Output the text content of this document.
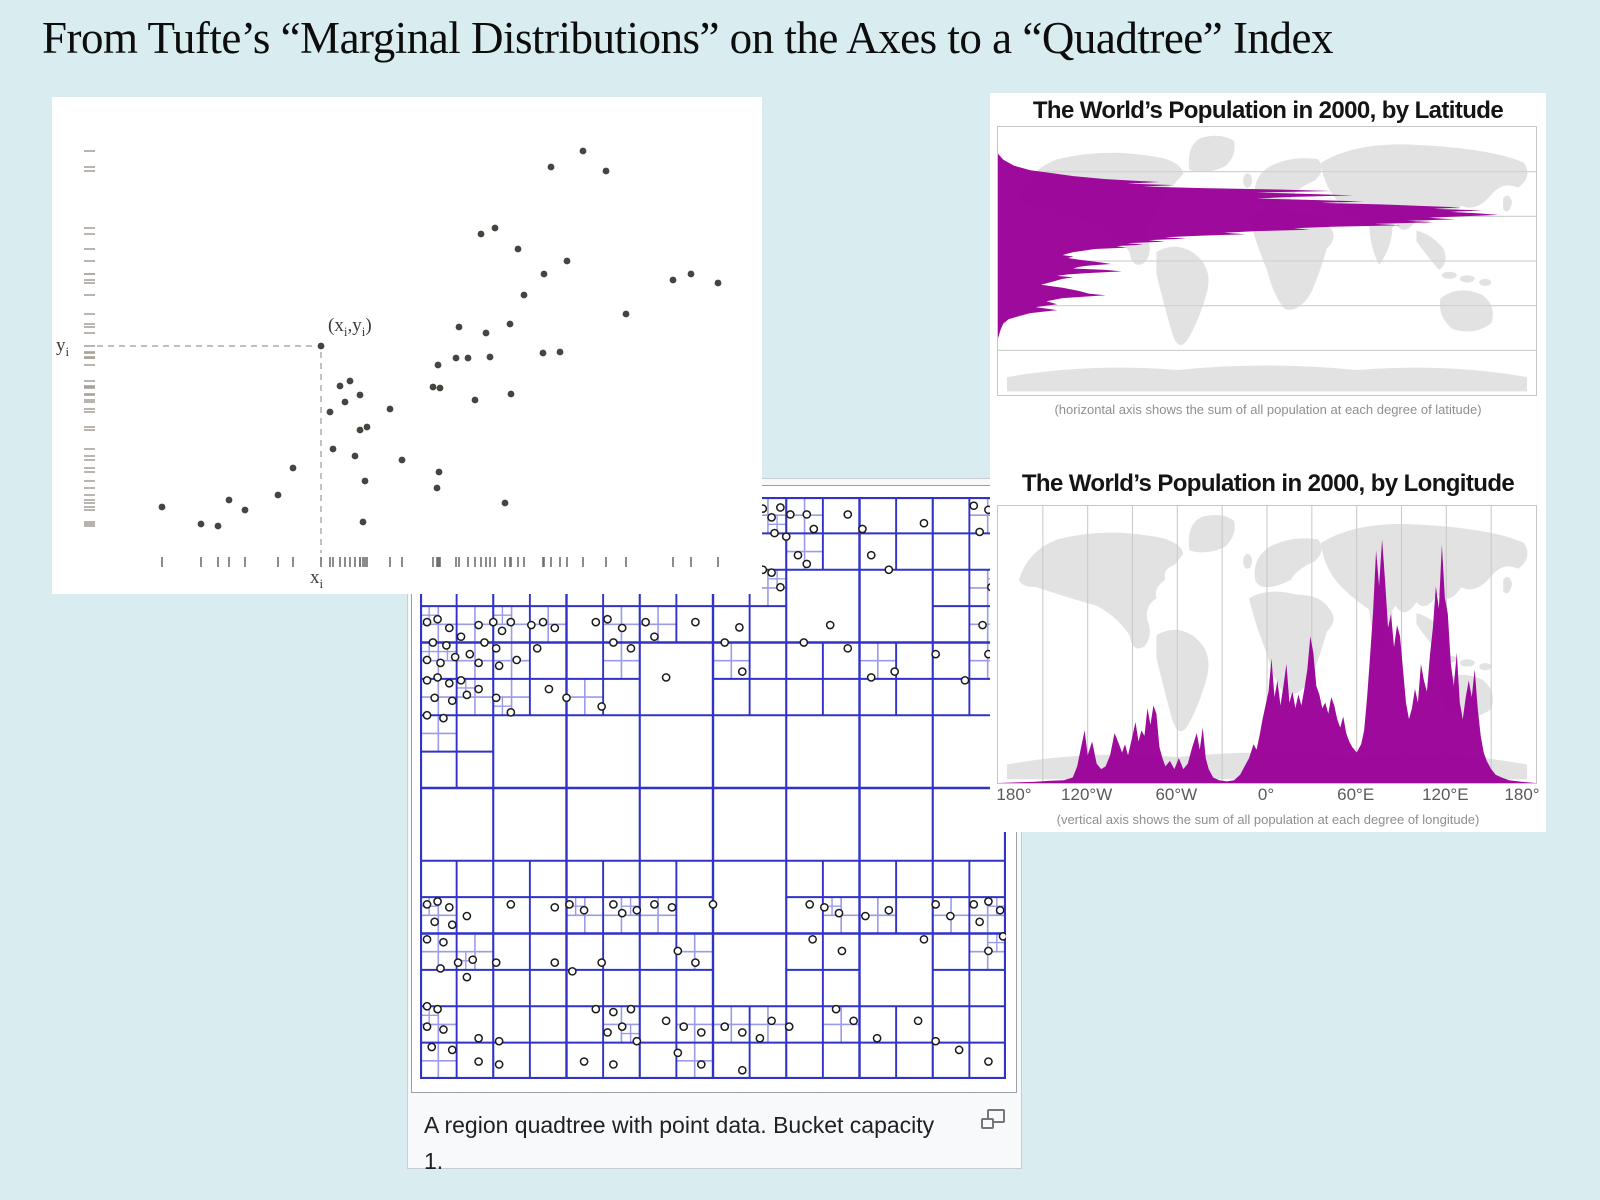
From Tufte’s “Marginal Distributions” on the Axes to a “Quadtree” Index
A region quadtree with point data. Bucket capacity 1.
$y_i$
$(x_i,y_i)$
$x_i$
The World’s Population in 2000, by Latitude
(horizontal axis shows the sum of all population at each degree of latitude)
The World’s Population in 2000, by Longitude
180° 120°W	60°W	0°	60°E	120°E 180°
(vertical axis shows the sum of all population at each degree of longitude)
